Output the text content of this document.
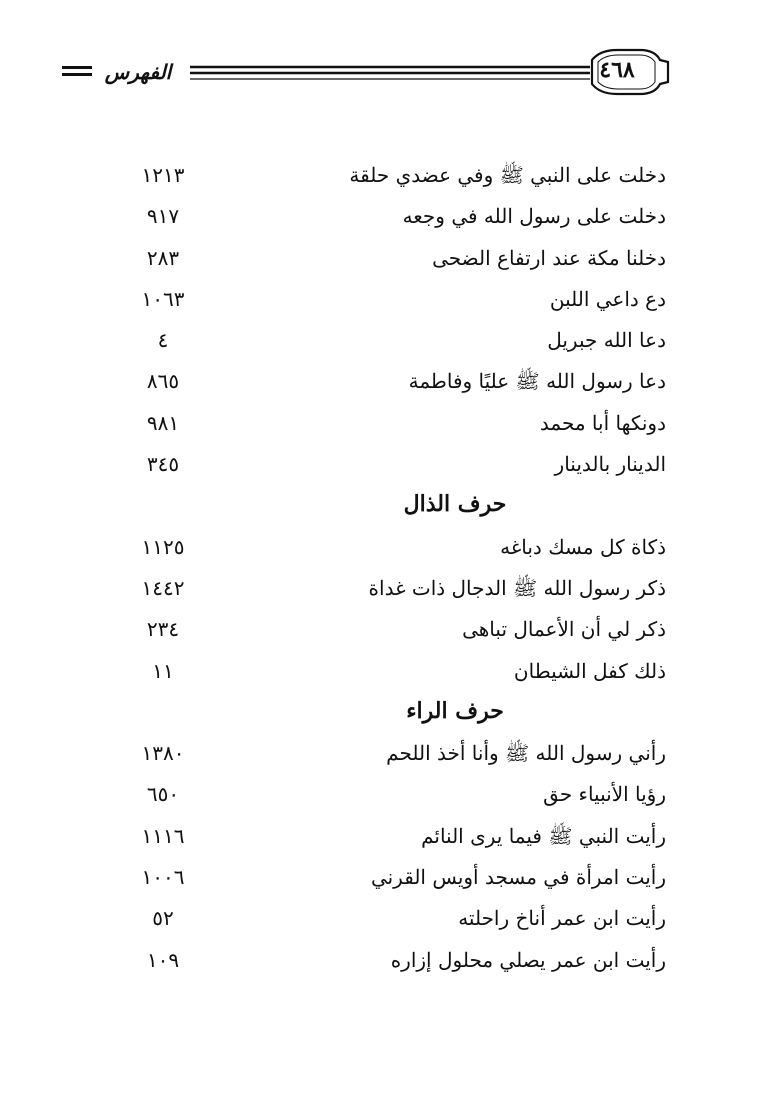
الفهرس	٤٦٨
دخلت على النبي ﷺ وفي عضدي حلقة
١٢١٣
دخلت على رسول الله في وجعه
٩١٧
دخلنا مكة عند ارتفاع الضحى
٢٨٣
دع داعي اللبن
١٠٦٣
دعا الله جبريل
٤
دعا رسول الله ﷺ عليًا وفاطمة
٨٦٥
دونكها أبا محمد
٩٨١
الدينار بالدينار
٣٤٥
حرف الذال
ذكاة كل مسك دباغه
١١٢٥
ذكر رسول الله ﷺ الدجال ذات غداة
١٤٤٢
ذكر لي أن الأعمال تباهى
٢٣٤
ذلك كفل الشيطان
١١
حرف الراء
رأني رسول الله ﷺ وأنا أخذ اللحم
١٣٨٠
رؤيا الأنبياء حق
٦٥٠
رأيت النبي ﷺ فيما يرى النائم
١١١٦
رأيت امرأة في مسجد أويس القرني
١٠٠٦
رأيت ابن عمر أناخ راحلته
٥٢
رأيت ابن عمر يصلي محلول إزاره
١٠٩
